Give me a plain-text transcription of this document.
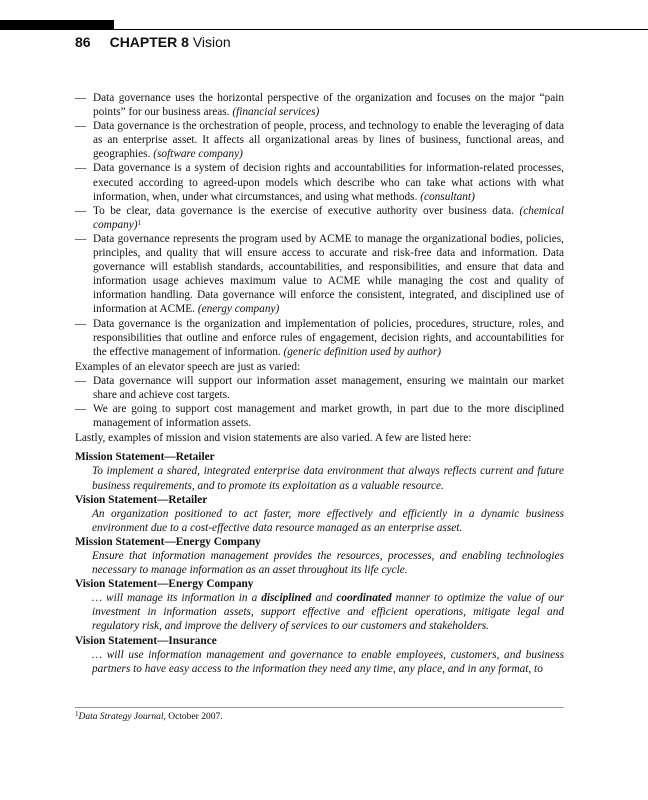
86 CHAPTER 8 Vision
— Data governance uses the horizontal perspective of the organization and focuses on the major “pain points” for our business areas. (financial services)
— Data governance is the orchestration of people, process, and technology to enable the leveraging of data as an enterprise asset. It affects all organizational areas by lines of business, functional areas, and geographies. (software company)
— Data governance is a system of decision rights and accountabilities for information-related processes, executed according to agreed-upon models which describe who can take what actions with what information, when, under what circumstances, and using what methods. (consultant)
— To be clear, data governance is the exercise of executive authority over business data. (chemical company)$^1$
— Data governance represents the program used by ACME to manage the organizational bodies, policies, principles, and quality that will ensure access to accurate and risk-free data and information. Data governance will establish standards, accountabilities, and responsibilities, and ensure that data and information usage achieves maximum value to ACME while managing the cost and quality of information handling. Data governance will enforce the consistent, integrated, and disciplined use of information at ACME. (energy company)
— Data governance is the organization and implementation of policies, procedures, structure, roles, and responsibilities that outline and enforce rules of engagement, decision rights, and accountabilities for the effective management of information. (generic definition used by author)

Examples of an elevator speech are just as varied:

— Data governance will support our information asset management, ensuring we maintain our market share and achieve cost targets.
— We are going to support cost management and market growth, in part due to the more disciplined management of information assets.

Lastly, examples of mission and vision statements are also varied. A few are listed here:

Mission Statement—Retailer
To implement a shared, integrated enterprise data environment that always reflects current and future business requirements, and to promote its exploitation as a valuable resource.
Vision Statement—Retailer
An organization positioned to act faster, more effectively and efficiently in a dynamic business environment due to a cost-effective data resource managed as an enterprise asset.
Mission Statement—Energy Company
Ensure that information management provides the resources, processes, and enabling technologies necessary to manage information as an asset throughout its life cycle.
Vision Statement—Energy Company
… will manage its information in a disciplined and coordinated manner to optimize the value of our investment in information assets, support effective and efficient operations, mitigate legal and regulatory risk, and improve the delivery of services to our customers and stakeholders.
Vision Statement—Insurance
… will use information management and governance to enable employees, customers, and business partners to have easy access to the information they need any time, any place, and in any format, to
$^1$Data Strategy Journal, October 2007.
